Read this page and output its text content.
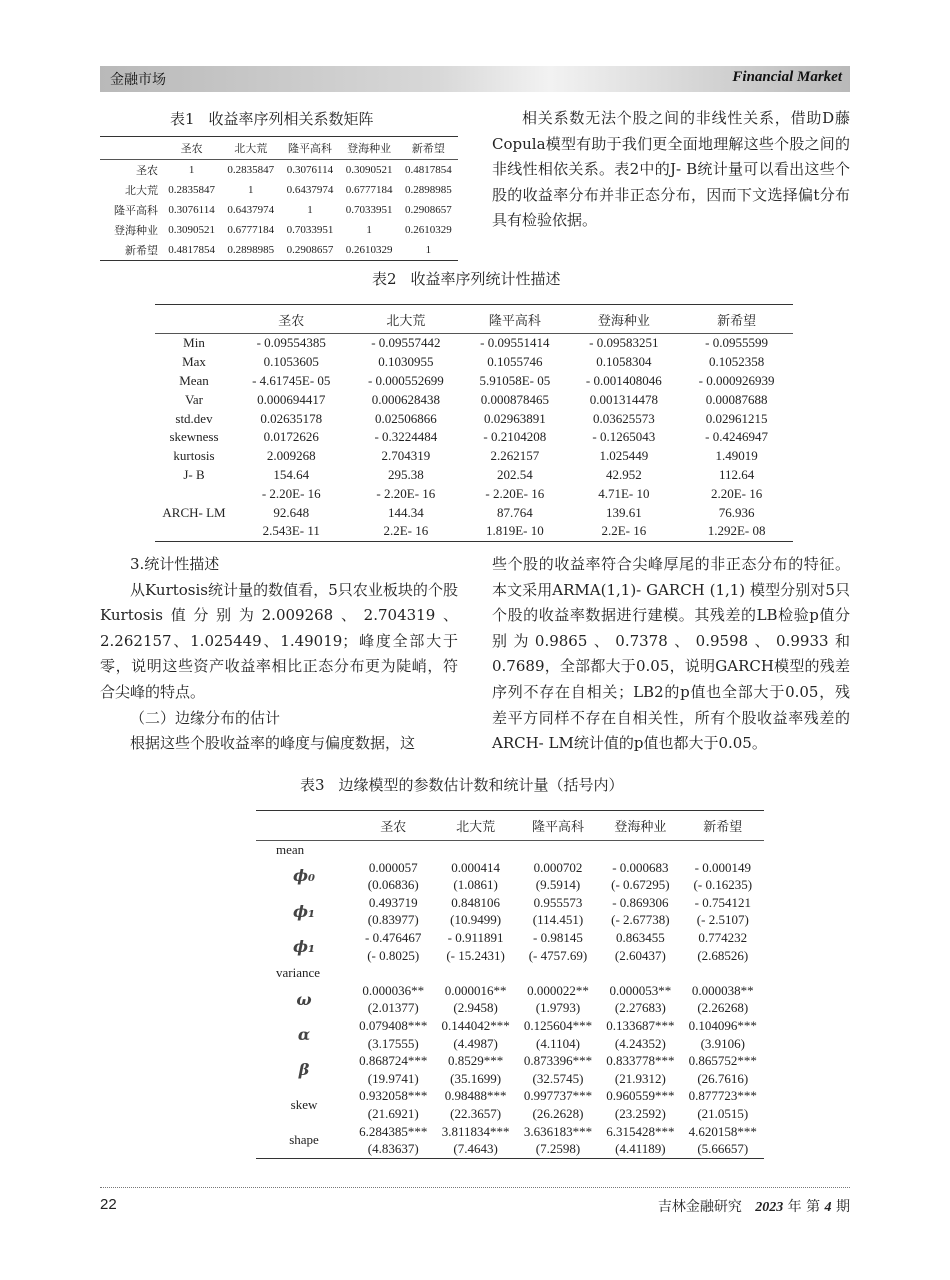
金融市场	Financial Market
表1 收益率序列相关系数矩阵
	圣农	北大荒	隆平高科	登海种业	新希望
圣农	1	0.2835847	0.3076114	0.3090521	0.4817854
北大荒	0.2835847	1	0.6437974	0.6777184	0.2898985
隆平高科	0.3076114	0.6437974	1	0.7033951	0.2908657
登海种业	0.3090521	0.6777184	0.7033951	1	0.2610329
新希望	0.4817854	0.2898985	0.2908657	0.2610329	1

相关系数无法个股之间的非线性关系，借助D藤Copula模型有助于我们更全面地理解这些个股之间的非线性相依关系。表2中的J- B统计量可以看出这些个股的收益率分布并非正态分布，因而下文选择偏t分布具有检验依据。

表2 收益率序列统计性描述
	圣农	北大荒	隆平高科	登海种业	新希望
Min	- 0.09554385	- 0.09557442	- 0.09551414	- 0.09583251	- 0.0955599
Max	0.1053605	0.1030955	0.1055746	0.1058304	0.1052358
Mean	- 4.61745E- 05	- 0.000552699	5.91058E- 05	- 0.001408046	- 0.000926939
Var	0.000694417	0.000628438	0.000878465	0.001314478	0.00087688
std.dev	0.02635178	0.02506866	0.02963891	0.03625573	0.02961215
skewness	0.0172626	- 0.3224484	- 0.2104208	- 0.1265043	- 0.4246947
kurtosis	2.009268	2.704319	2.262157	1.025449	1.49019
J- B	154.64	295.38	202.54	42.952	112.64
	- 2.20E- 16	- 2.20E- 16	- 2.20E- 16	4.71E- 10	2.20E- 16
ARCH- LM	92.648	144.34	87.764	139.61	76.936
	2.543E- 11	2.2E- 16	1.819E- 10	2.2E- 16	1.292E- 08

3.统计性描述

从Kurtosis统计量的数值看，5只农业板块的个股Kurtosis值分别为2.009268、2.704319、2.262157、1.025449、1.49019；峰度全部大于零，说明这些资产收益率相比正态分布更为陡峭，符合尖峰的特点。

（二）边缘分布的估计

根据这些个股收益率的峰度与偏度数据，这

些个股的收益率符合尖峰厚尾的非正态分布的特征。本文采用ARMA(1,1)- GARCH (1,1) 模型分别对5只个股的收益率数据进行建模。其残差的LB检验p值分别为0.9865、0.7378、0.9598、0.9933和0.7689，全部都大于0.05，说明GARCH模型的残差序列不存在自相关；LB2的p值也全部大于0.05，残差平方同样不存在自相关性，所有个股收益率残差的ARCH- LM统计值的p值也都大于0.05。

表3 边缘模型的参数估计数和统计量（括号内）
	圣农	北大荒	隆平高科	登海种业	新希望
mean					
ϕ₀	0.000057	0.000414	0.000702	- 0.000683	- 0.000149
	(0.06836)	(1.0861)	(9.5914)	(- 0.67295)	(- 0.16235)
ϕ₁	0.493719	0.848106	0.955573	- 0.869306	- 0.754121
	(0.83977)	(10.9499)	(114.451)	(- 2.67738)	(- 2.5107)
ϕ₁	- 0.476467	- 0.911891	- 0.98145	0.863455	0.774232
	(- 0.8025)	(- 15.2431)	(- 4757.69)	(2.60437)	(2.68526)
variance					
ω	0.000036**	0.000016**	0.000022**	0.000053**	0.000038**
	(2.01377)	(2.9458)	(1.9793)	(2.27683)	(2.26268)
α	0.079408***	0.144042***	0.125604***	0.133687***	0.104096***
	(3.17555)	(4.4987)	(4.1104)	(4.24352)	(3.9106)
β	0.868724***	0.8529***	0.873396***	0.833778***	0.865752***
	(19.9741)	(35.1699)	(32.5745)	(21.9312)	(26.7616)
skew	0.932058***	0.98488***	0.997737***	0.960559***	0.877723***
	(21.6921)	(22.3657)	(26.2628)	(23.2592)	(21.0515)
shape	6.284385***	3.811834***	3.636183***	6.315428***	4.620158***
	(4.83637)	(7.4643)	(7.2598)	(4.41189)	(5.66657)
22	吉林金融研究 2023 年 第 4 期
